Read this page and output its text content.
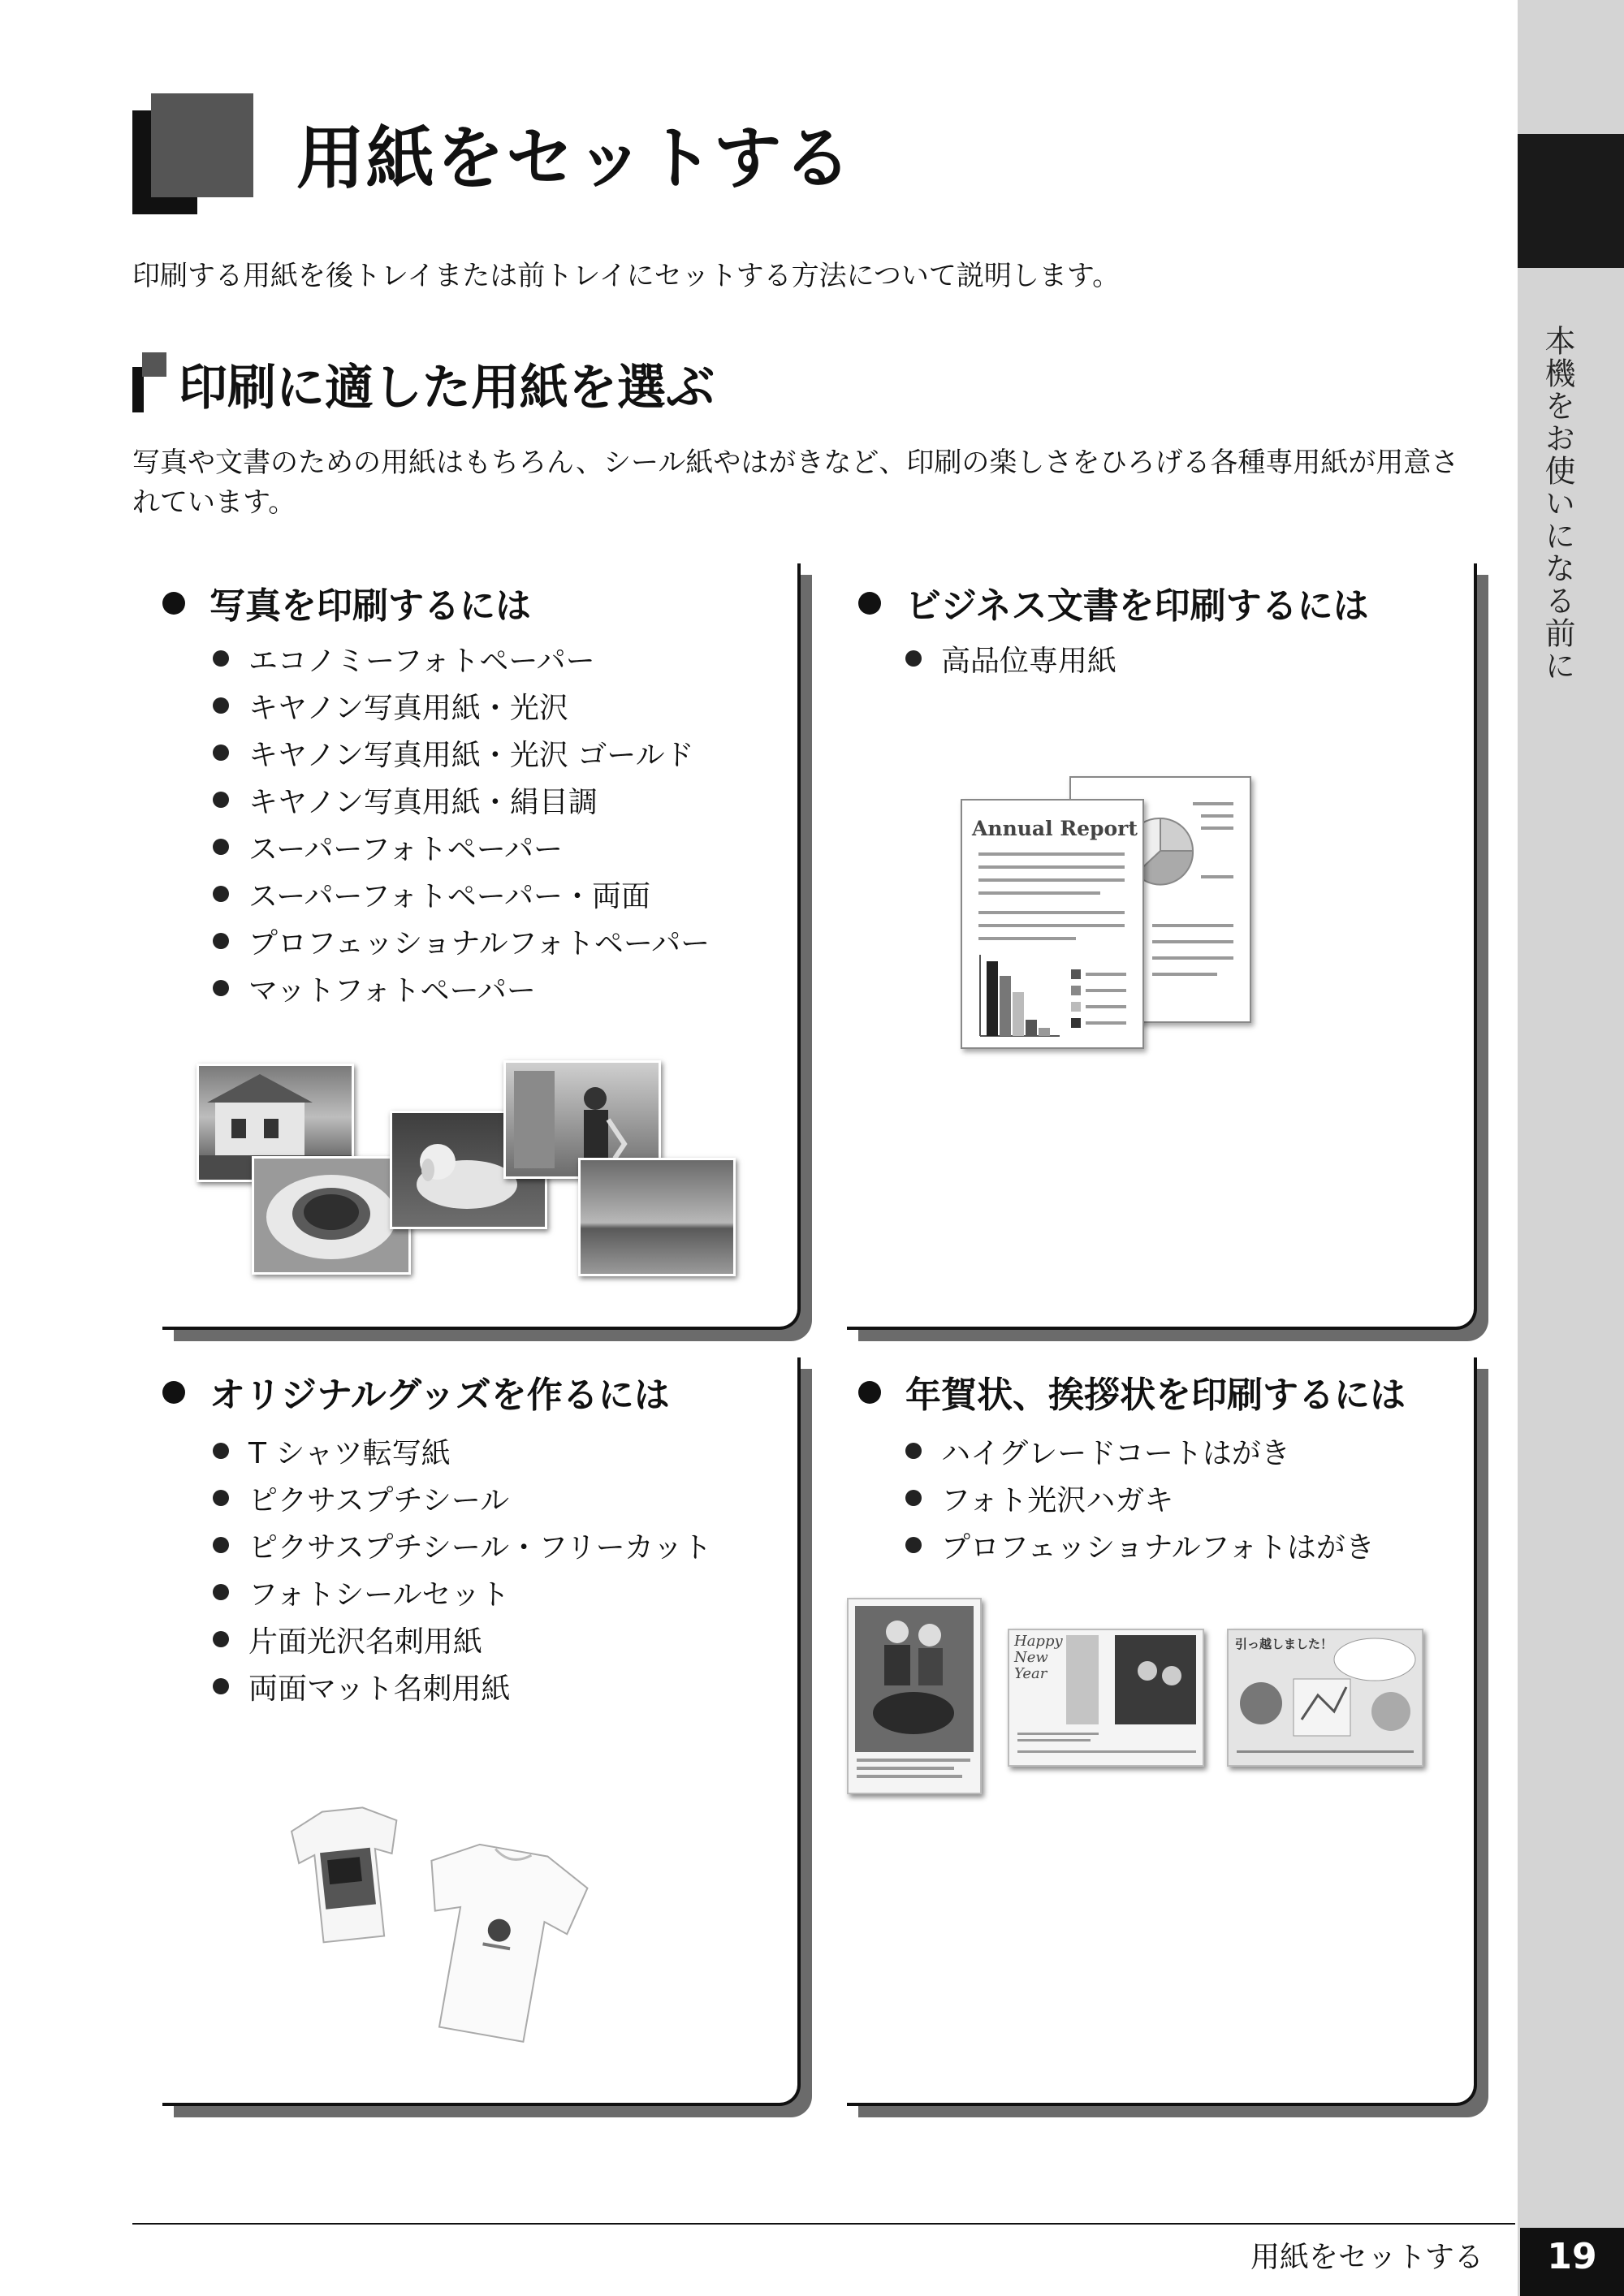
本機をお使いになる前に
用紙をセットする
印刷する用紙を後トレイまたは前トレイにセットする方法について説明します。
印刷に適した用紙を選ぶ
写真や文書のための用紙はもちろん、シール紙やはがきなど、印刷の楽しさをひろげる各種専用紙が用意されています。
写真を印刷するには
エコノミーフォトペーパー
キヤノン写真用紙・光沢
キヤノン写真用紙・光沢 ゴールド
キヤノン写真用紙・絹目調
スーパーフォトペーパー
スーパーフォトペーパー・両面
プロフェッショナルフォトペーパー
マットフォトペーパー
ビジネス文書を印刷するには
高品位専用紙
Annual Report
オリジナルグッズを作るには
T シャツ転写紙
ピクサスプチシール
ピクサスプチシール・フリーカット
フォトシールセット
片面光沢名刺用紙
両面マット名刺用紙
年賀状、挨拶状を印刷するには
ハイグレードコートはがき
フォト光沢ハガキ
プロフェッショナルフォトはがき
Happy
New
Year
引っ越しました！
用紙をセットする	19
